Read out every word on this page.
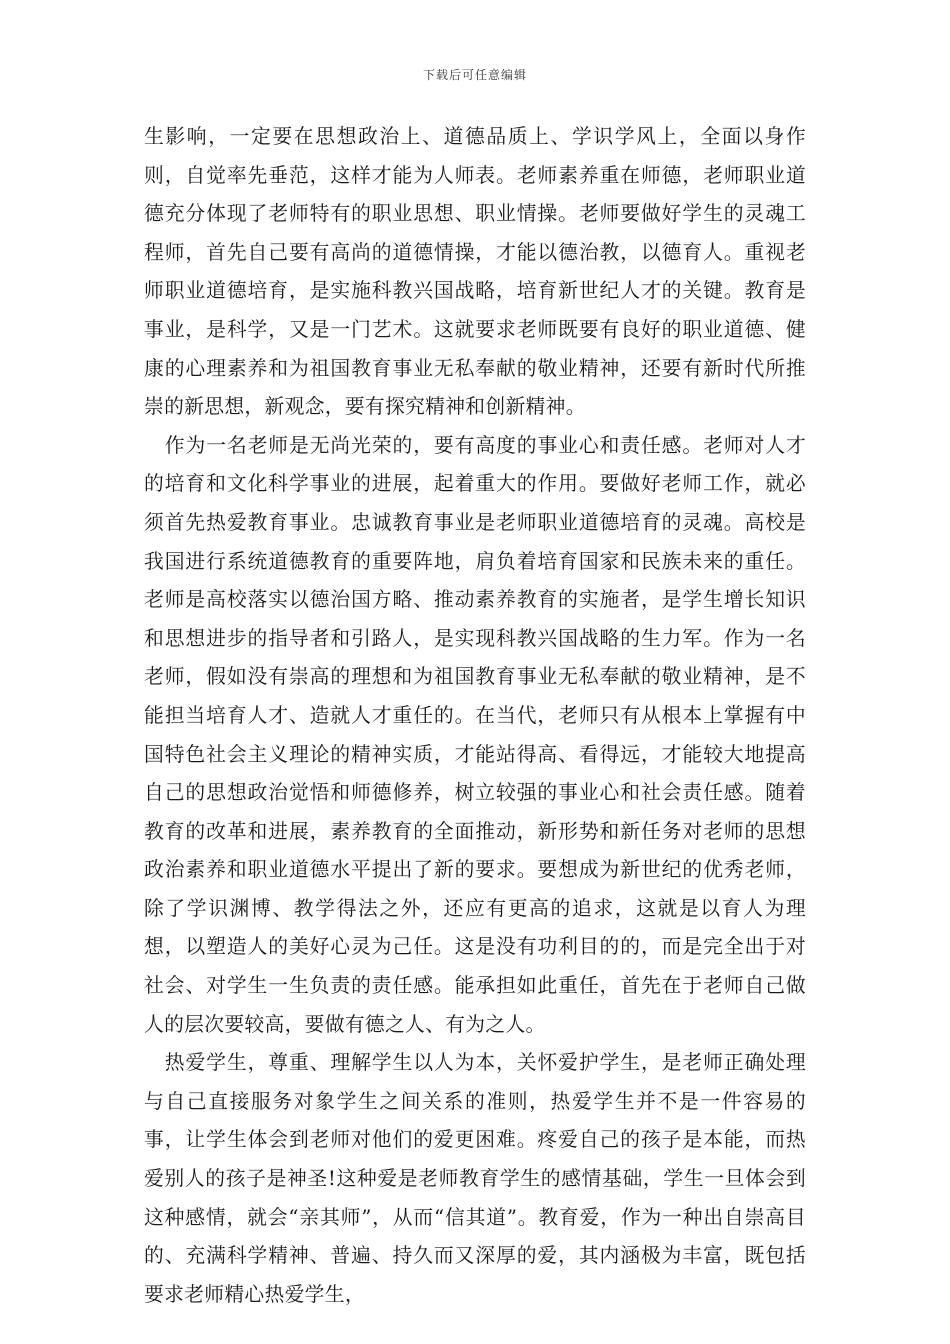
下载后可任意编辑

生影响，一定要在思想政治上、道德品质上、学识学风上，全面以身作则，自觉率先垂范，这样才能为人师表。老师素养重在师德，老师职业道德充分体现了老师特有的职业思想、职业情操。老师要做好学生的灵魂工程师，首先自己要有高尚的道德情操，才能以德治教，以德育人。重视老师职业道德培育，是实施科教兴国战略，培育新世纪人才的关键。教育是事业，是科学，又是一门艺术。这就要求老师既要有良好的职业道德、健康的心理素养和为祖国教育事业无私奉献的敬业精神，还要有新时代所推崇的新思想，新观念，要有探究精神和创新精神。

作为一名老师是无尚光荣的，要有高度的事业心和责任感。老师对人才的培育和文化科学事业的进展，起着重大的作用。要做好老师工作，就必须首先热爱教育事业。忠诚教育事业是老师职业道德培育的灵魂。高校是我国进行系统道德教育的重要阵地，肩负着培育国家和民族未来的重任。老师是高校落实以德治国方略、推动素养教育的实施者，是学生增长知识和思想进步的指导者和引路人，是实现科教兴国战略的生力军。作为一名老师，假如没有崇高的理想和为祖国教育事业无私奉献的敬业精神，是不能担当培育人才、造就人才重任的。在当代，老师只有从根本上掌握有中国特色社会主义理论的精神实质，才能站得高、看得远，才能较大地提高自己的思想政治觉悟和师德修养，树立较强的事业心和社会责任感。随着教育的改革和进展，素养教育的全面推动，新形势和新任务对老师的思想政治素养和职业道德水平提出了新的要求。要想成为新世纪的优秀老师，除了学识渊博、教学得法之外，还应有更高的追求，这就是以育人为理想，以塑造人的美好心灵为己任。这是没有功利目的的，而是完全出于对社会、对学生一生负责的责任感。能承担如此重任，首先在于老师自己做人的层次要较高，要做有德之人、有为之人。

热爱学生，尊重、理解学生以人为本，关怀爱护学生，是老师正确处理与自己直接服务对象学生之间关系的准则，热爱学生并不是一件容易的事，让学生体会到老师对他们的爱更困难。疼爱自己的孩子是本能，而热爱别人的孩子是神圣!这种爱是老师教育学生的感情基础，学生一旦体会到这种感情，就会“亲其师”，从而“信其道”。教育爱，作为一种出自崇高目的、充满科学精神、普遍、持久而又深厚的爱，其内涵极为丰富，既包括要求老师精心热爱学生，
